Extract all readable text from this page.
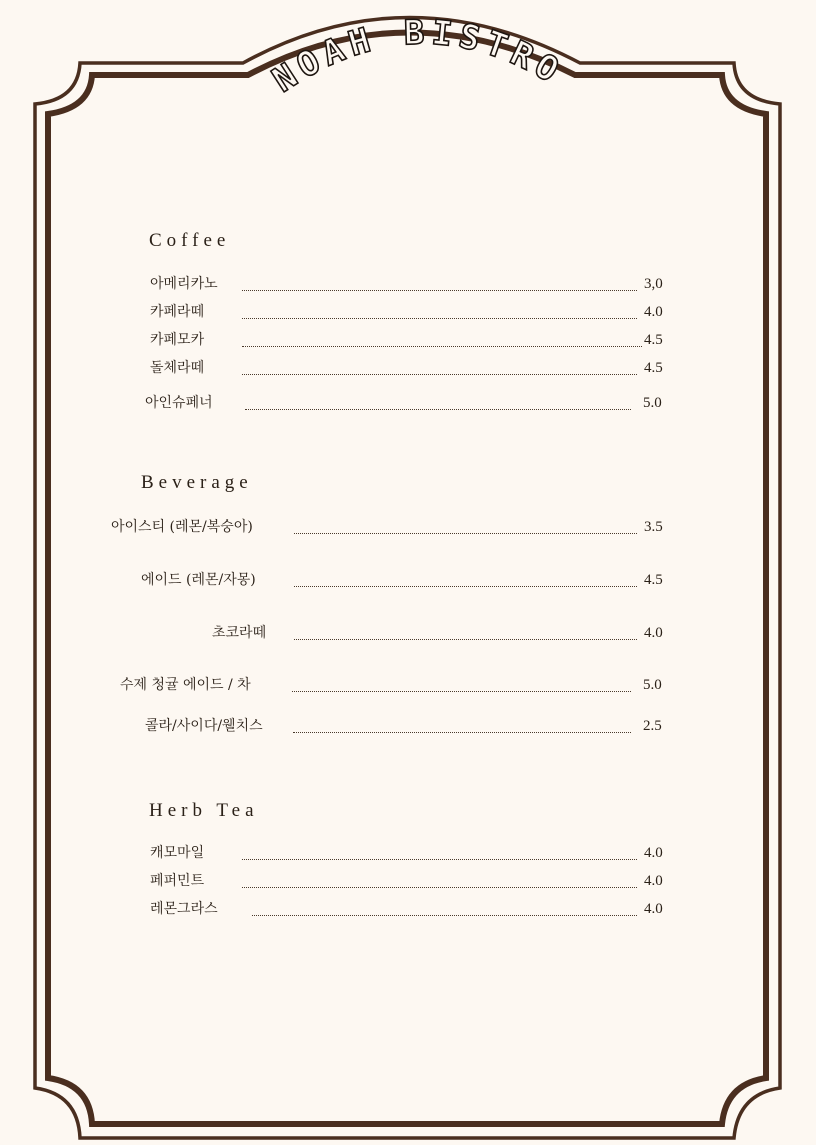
NOAH BISTRO
Coffee
아메리카노	3,0
카페라떼	4.0
카페모카	4.5
돌체라떼	4.5
아인슈페너	5.0
Beverage
아이스티 (레몬/복숭아)	3.5
에이드 (레몬/자몽)	4.5
초코라떼	4.0
수제 청귤 에이드 / 차	5.0
콜라/사이다/웰치스	2.5
Herb Tea
캐모마일	4.0
페퍼민트	4.0
레몬그라스	4.0
